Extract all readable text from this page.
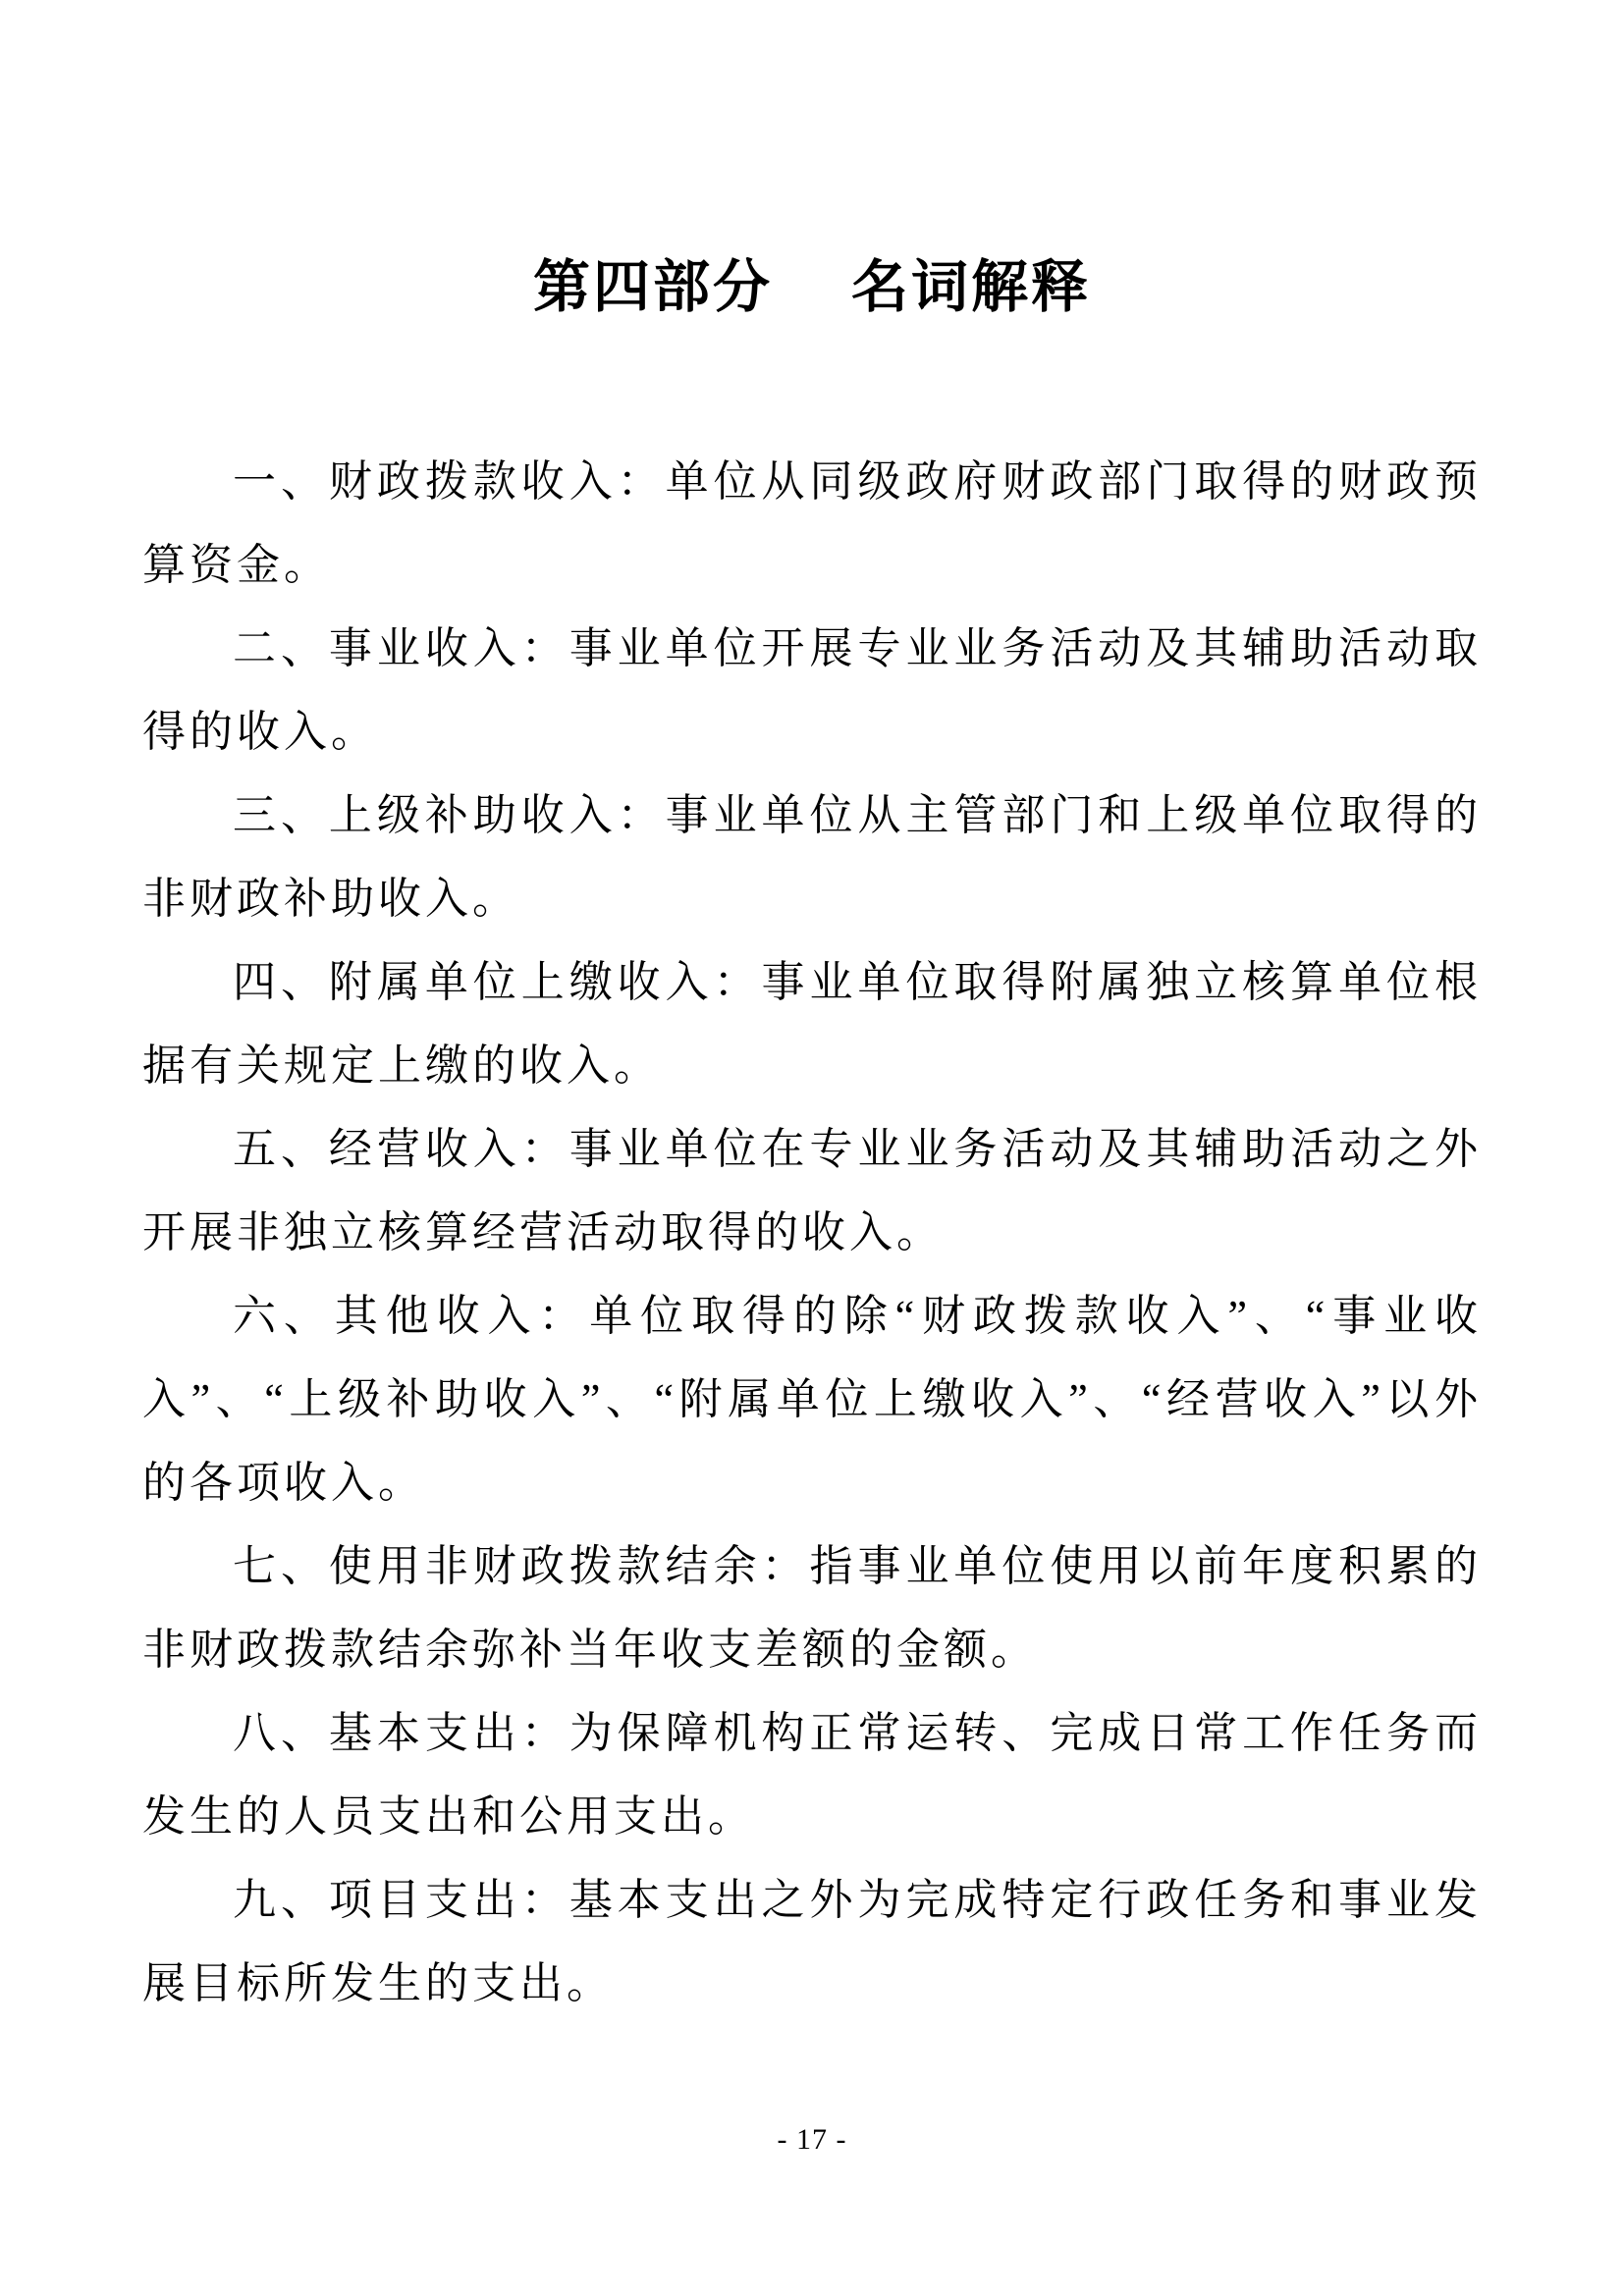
第四部分　 名词解释

一、财政拨款收入：单位从同级政府财政部门取得的财政预算资金。

二、事业收入：事业单位开展专业业务活动及其辅助活动取得的收入。

三、上级补助收入：事业单位从主管部门和上级单位取得的非财政补助收入。

四、附属单位上缴收入：事业单位取得附属独立核算单位根据有关规定上缴的收入。

五、经营收入：事业单位在专业业务活动及其辅助活动之外开展非独立核算经营活动取得的收入。

六、其他收入：单位取得的除“财政拨款收入”、“事业收入”、“上级补助收入”、“附属单位上缴收入”、“经营收入”以外的各项收入。

七、使用非财政拨款结余：指事业单位使用以前年度积累的非财政拨款结余弥补当年收支差额的金额。

八、基本支出：为保障机构正常运转、完成日常工作任务而发生的人员支出和公用支出。

九、项目支出：基本支出之外为完成特定行政任务和事业发展目标所发生的支出。

- 17 -
